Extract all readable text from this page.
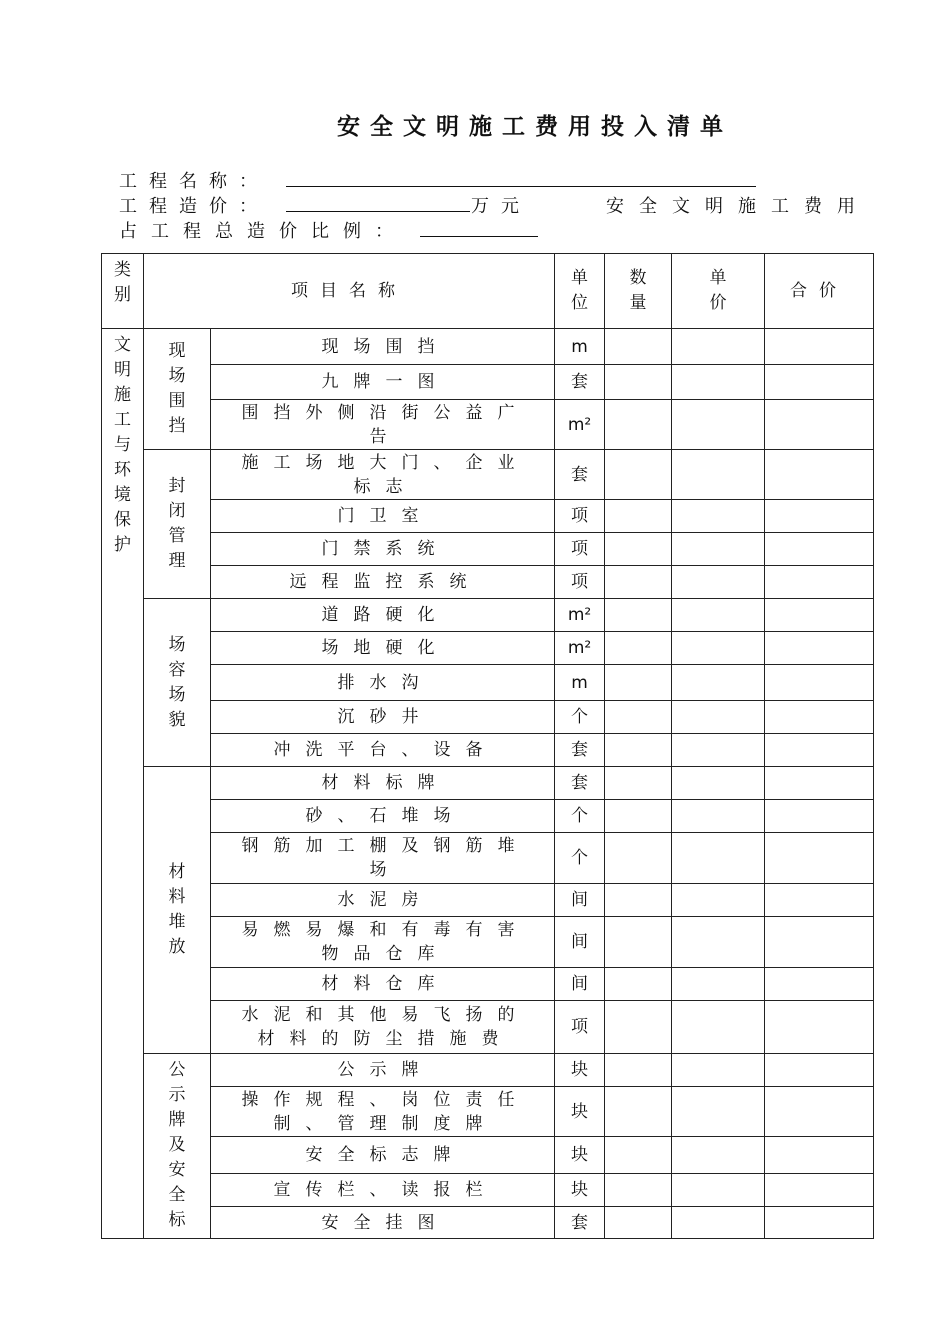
安全文明施工费用投入清单
工程名称：
工程造价：	万元	安全文明施工费用
占工程总造价比例：
类别	项目名称		单位	数量	单价	合价

文明施工与环境保护	现场围挡	现场围挡	m			
		九牌一图	套			
		围挡外侧沿街公益广告	m²			

	封闭管理	施工场地大门、企业标志	套			
		门卫室	项			
		门禁系统	项			
		远程监控系统	项			

	场容场貌	道路硬化	m²			
		场地硬化	m²			
		排水沟	m			
		沉砂井	个			
		冲洗平台、设备	套			

	材料堆放	材料标牌	套			
		砂、石堆场	个			
		钢筋加工棚及钢筋堆场	个			
		水泥房	间			
		易燃易爆和有毒有害物品仓库	间			
		材料仓库	间			
		水泥和其他易飞扬的材料的防尘措施费	项			

	公示牌及安全标	公示牌	块			
		操作规程、岗位责任制、管理制度牌	块			
		安全标志牌	块			
		宣传栏、读报栏	块			
		安全挂图	套			
